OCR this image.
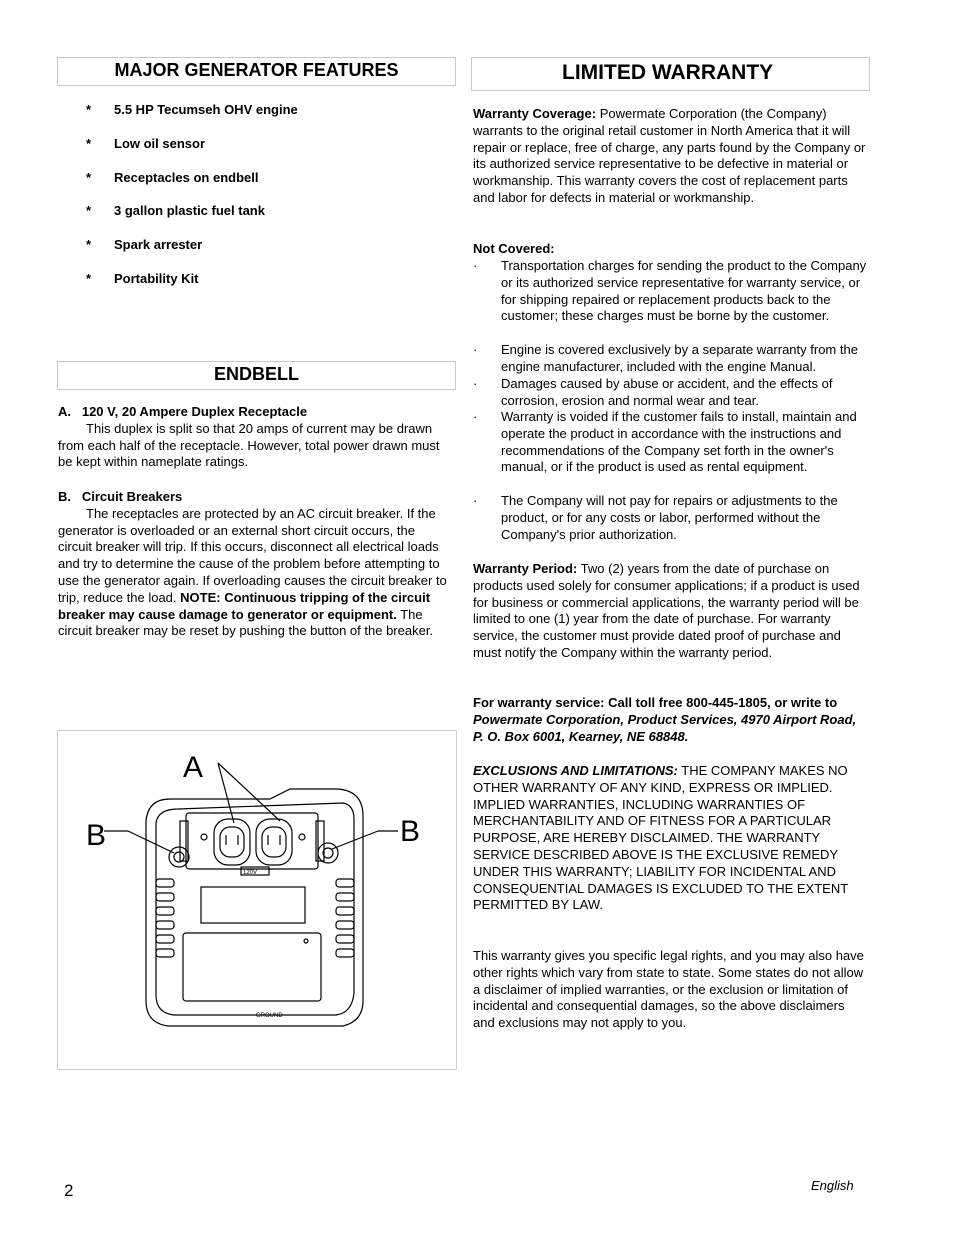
MAJOR GENERATOR FEATURES
* 5.5 HP Tecumseh OHV engine
* Low oil sensor
* Receptacles on endbell
* 3 gallon plastic fuel tank
* Spark arrester
* Portability Kit
ENDBELL
A.   120 V, 20 Ampere Duplex Receptacle
This duplex is split so that 20 amps of current may be drawn from each half of the receptacle. However, total power drawn must be kept within nameplate ratings.
B.   Circuit Breakers
The receptacles are protected by an AC circuit breaker. If the generator is overloaded or an external short circuit occurs, the circuit breaker will trip. If this occurs, disconnect all electrical loads and try to determine the cause of the problem before attempting to use the generator again. If overloading causes the circuit breaker to trip, reduce the load. NOTE: Continuous tripping of the circuit breaker may cause damage to generator or equipment. The circuit breaker may be reset by pushing the button of the breaker.
A
B	B
120V
GROUND
LIMITED WARRANTY
Warranty Coverage: Powermate Corporation (the Company) warrants to the original retail customer in North America that it will repair or replace, free of charge, any parts found by the Company or its authorized service representative to be defective in material or workmanship. This warranty covers the cost of replacement parts and labor for defects in material or workmanship.
Not Covered:
· Transportation charges for sending the product to the Company or its authorized service representative for warranty service, or for shipping repaired or replacement products back to the customer; these charges must be borne by the customer.
· Engine is covered exclusively by a separate warranty from the engine manufacturer, included with the engine Manual.
· Damages caused by abuse or accident, and the effects of corrosion, erosion and normal wear and tear.
· Warranty is voided if the customer fails to install, maintain and operate the product in accordance with the instructions and recommendations of the Company set forth in the owner's manual, or if the product is used as rental equipment.
· The Company will not pay for repairs or adjustments to the product, or for any costs or labor, performed without the Company's prior authorization.
Warranty Period: Two (2) years from the date of purchase on products used solely for consumer applications; if a product is used for business or commercial applications, the warranty period will be limited to one (1) year from the date of purchase. For warranty service, the customer must provide dated proof of purchase and must notify the Company within the warranty period.
For warranty service: Call toll free 800-445-1805, or write to Powermate Corporation, Product Services, 4970 Airport Road, P. O. Box 6001, Kearney, NE 68848.
EXCLUSIONS AND LIMITATIONS: THE COMPANY MAKES NO OTHER WARRANTY OF ANY KIND, EXPRESS OR IMPLIED. IMPLIED WARRANTIES, INCLUDING WARRANTIES OF MERCHANTABILITY AND OF FITNESS FOR A PARTICULAR PURPOSE, ARE HEREBY DISCLAIMED. THE WARRANTY SERVICE DESCRIBED ABOVE IS THE EXCLUSIVE REMEDY UNDER THIS WARRANTY; LIABILITY FOR INCIDENTAL AND CONSEQUENTIAL DAMAGES IS EXCLUDED TO THE EXTENT PERMITTED BY LAW.
This warranty gives you specific legal rights, and you may also have other rights which vary from state to state. Some states do not allow a disclaimer of implied warranties, or the exclusion or limitation of incidental and consequential damages, so the above disclaimers and exclusions may not apply to you.
2	English
